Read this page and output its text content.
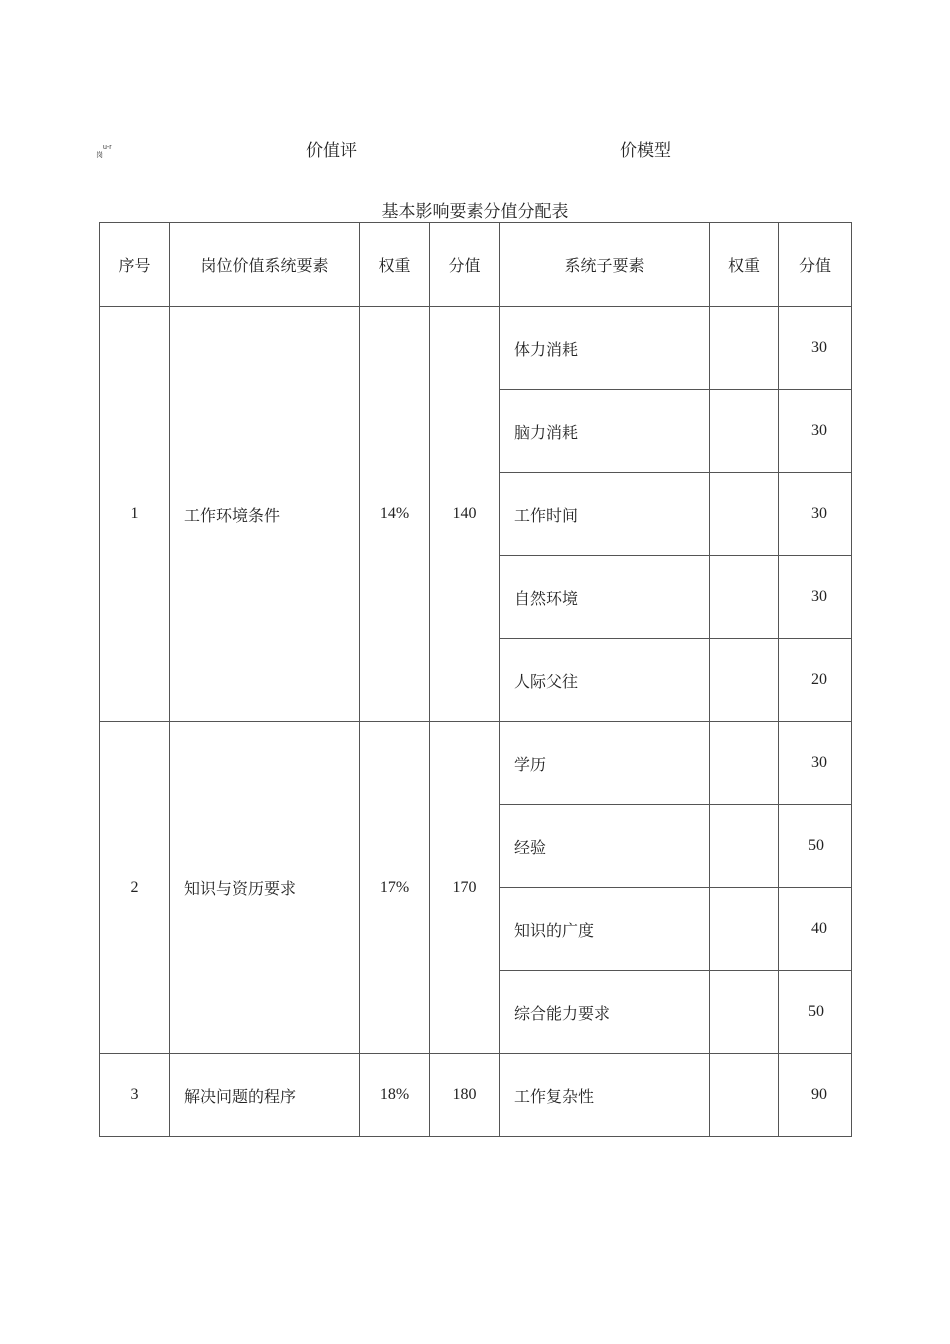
u-r
岗	价值评	价模型
基本影响要素分值分配表
序号	岗位价值系统要素	权重	分值	系统子要素	权重	分值
1	工作环境条件	14%	140	体力消耗		30
				脑力消耗		30
				工作时间		30
				自然环境		30
				人际父往		20
2	知识与资历要求	17%	170	学历		30
				经验		50
				知识的广度		40
				综合能力要求		50
3	解决问题的程序	18%	180	工作复杂性		90
